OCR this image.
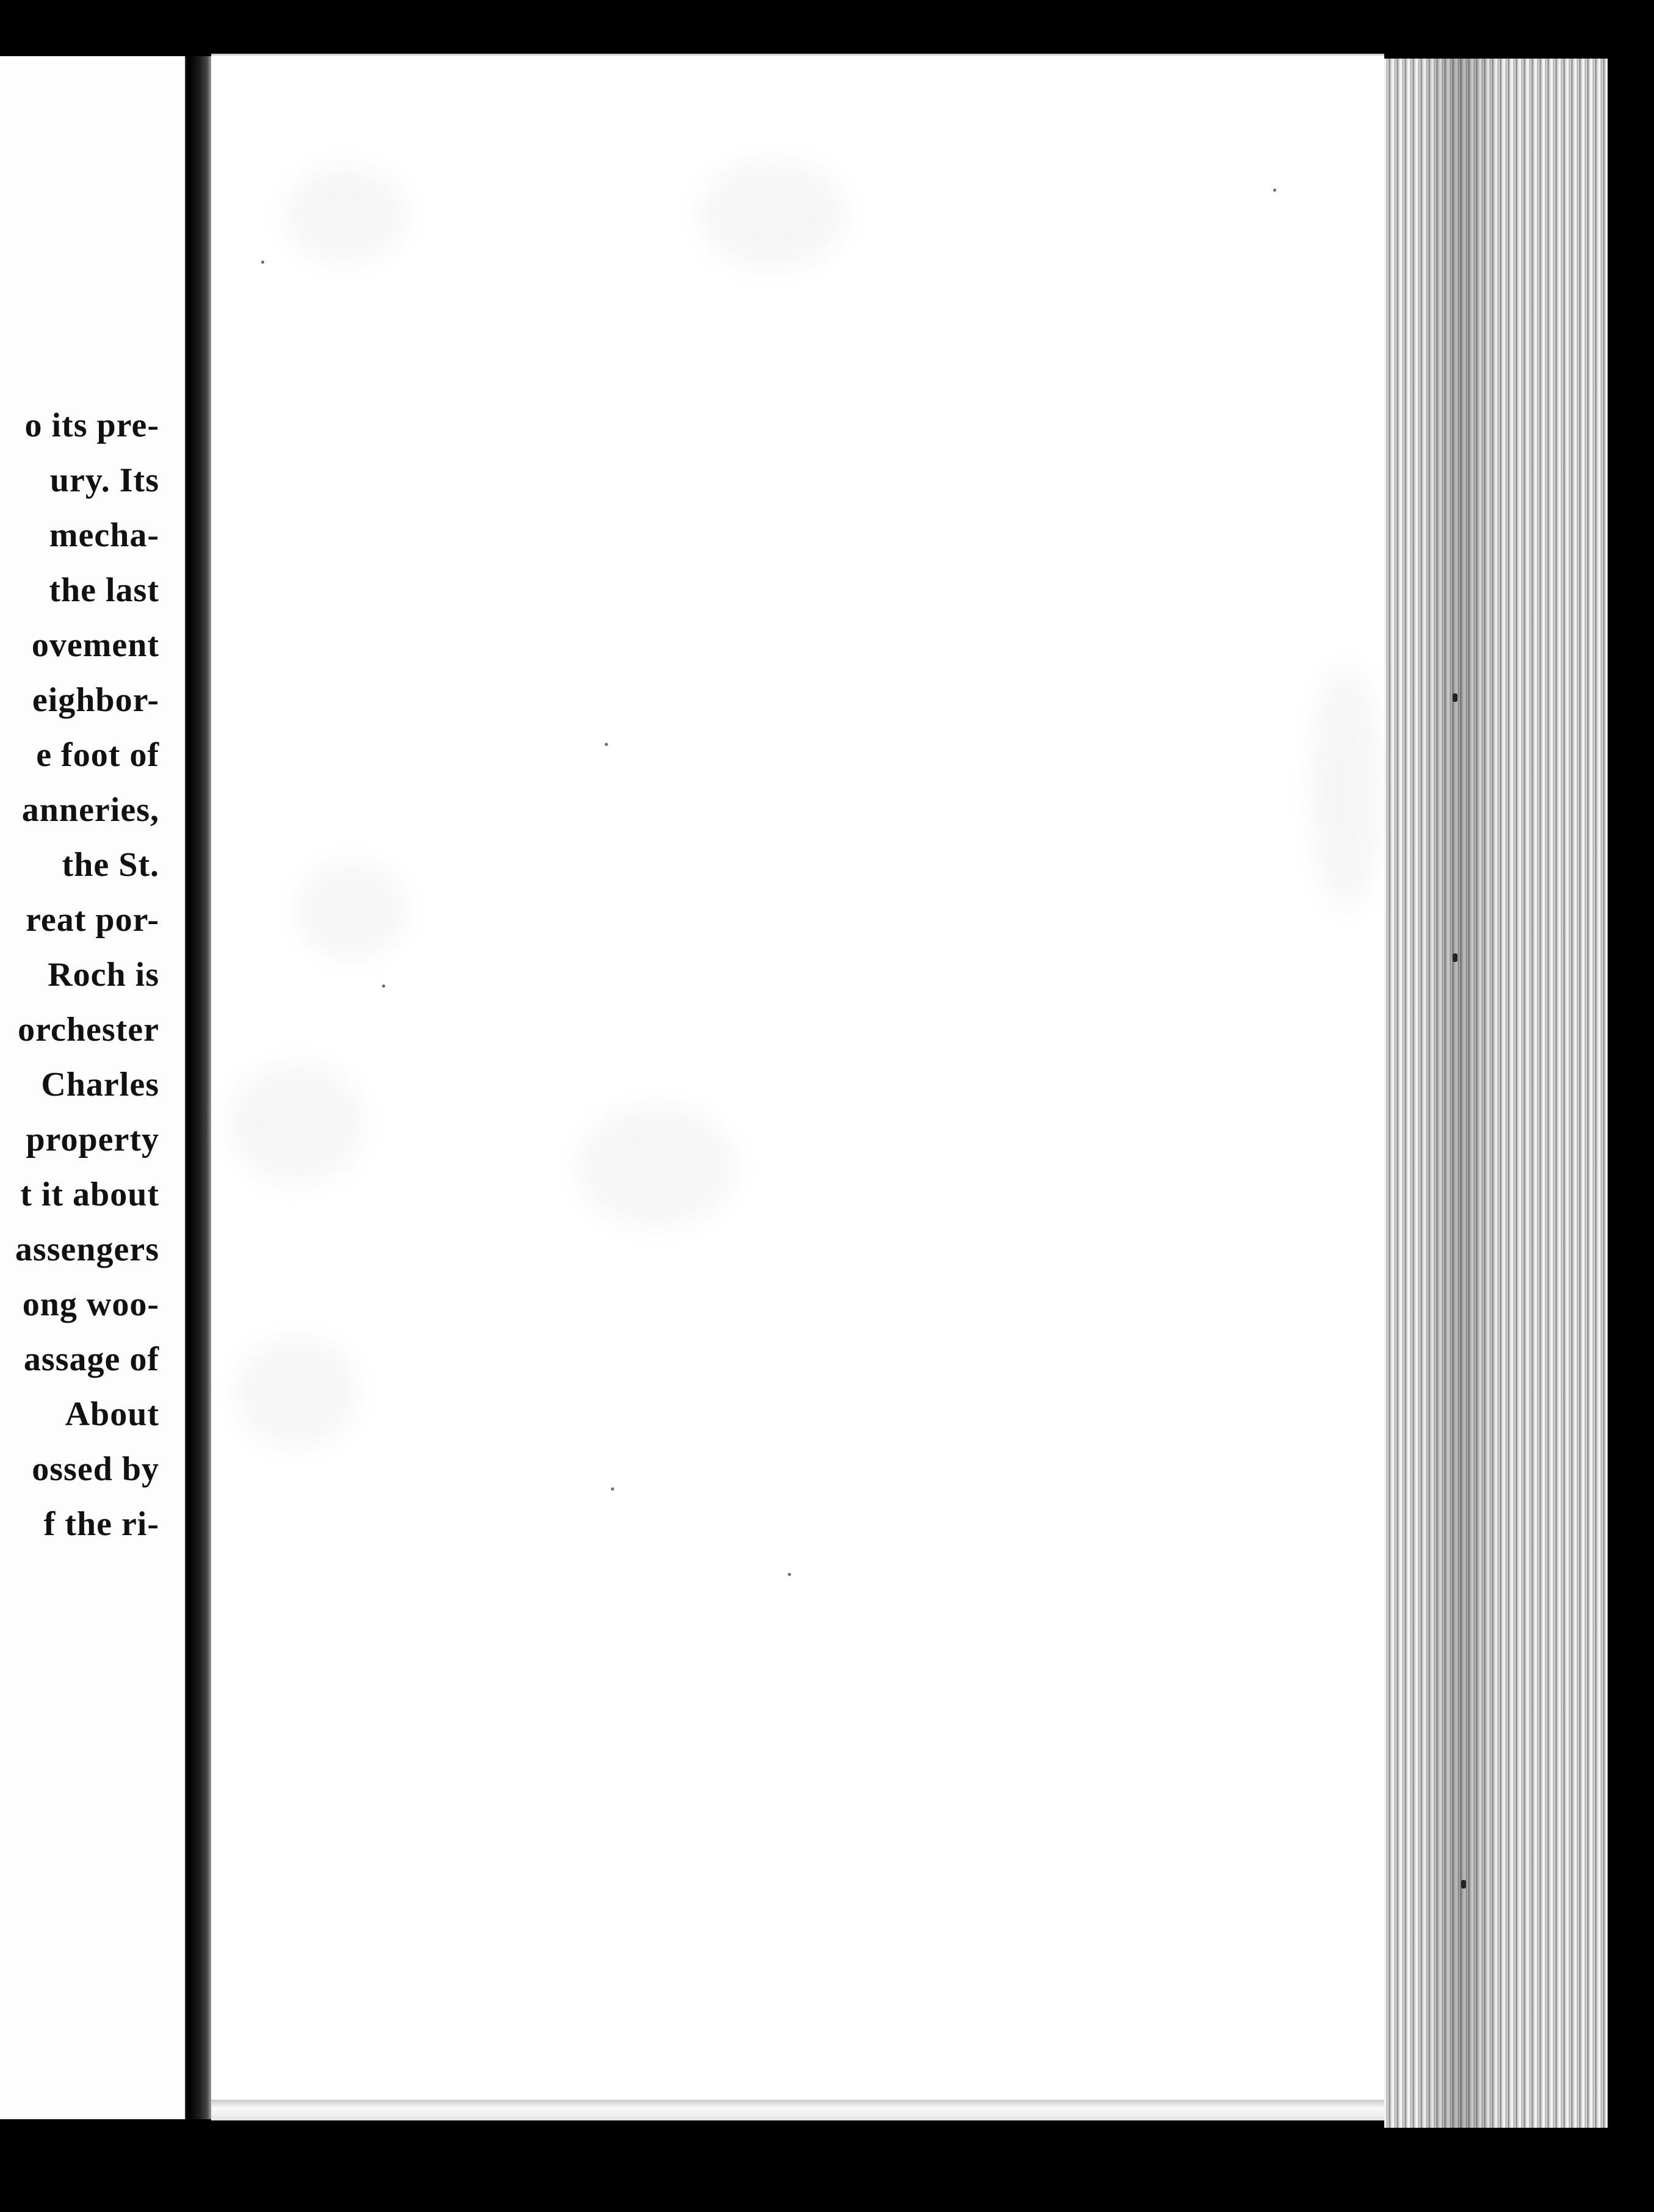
o its pre-
ury. Its
mecha-
the last
ovement
eighbor-
e foot of
anneries,
the St.
reat por-
Roch is
orchester
Charles
property
t it about
assengers
ong woo-
assage of
About
ossed by
f the ri-
